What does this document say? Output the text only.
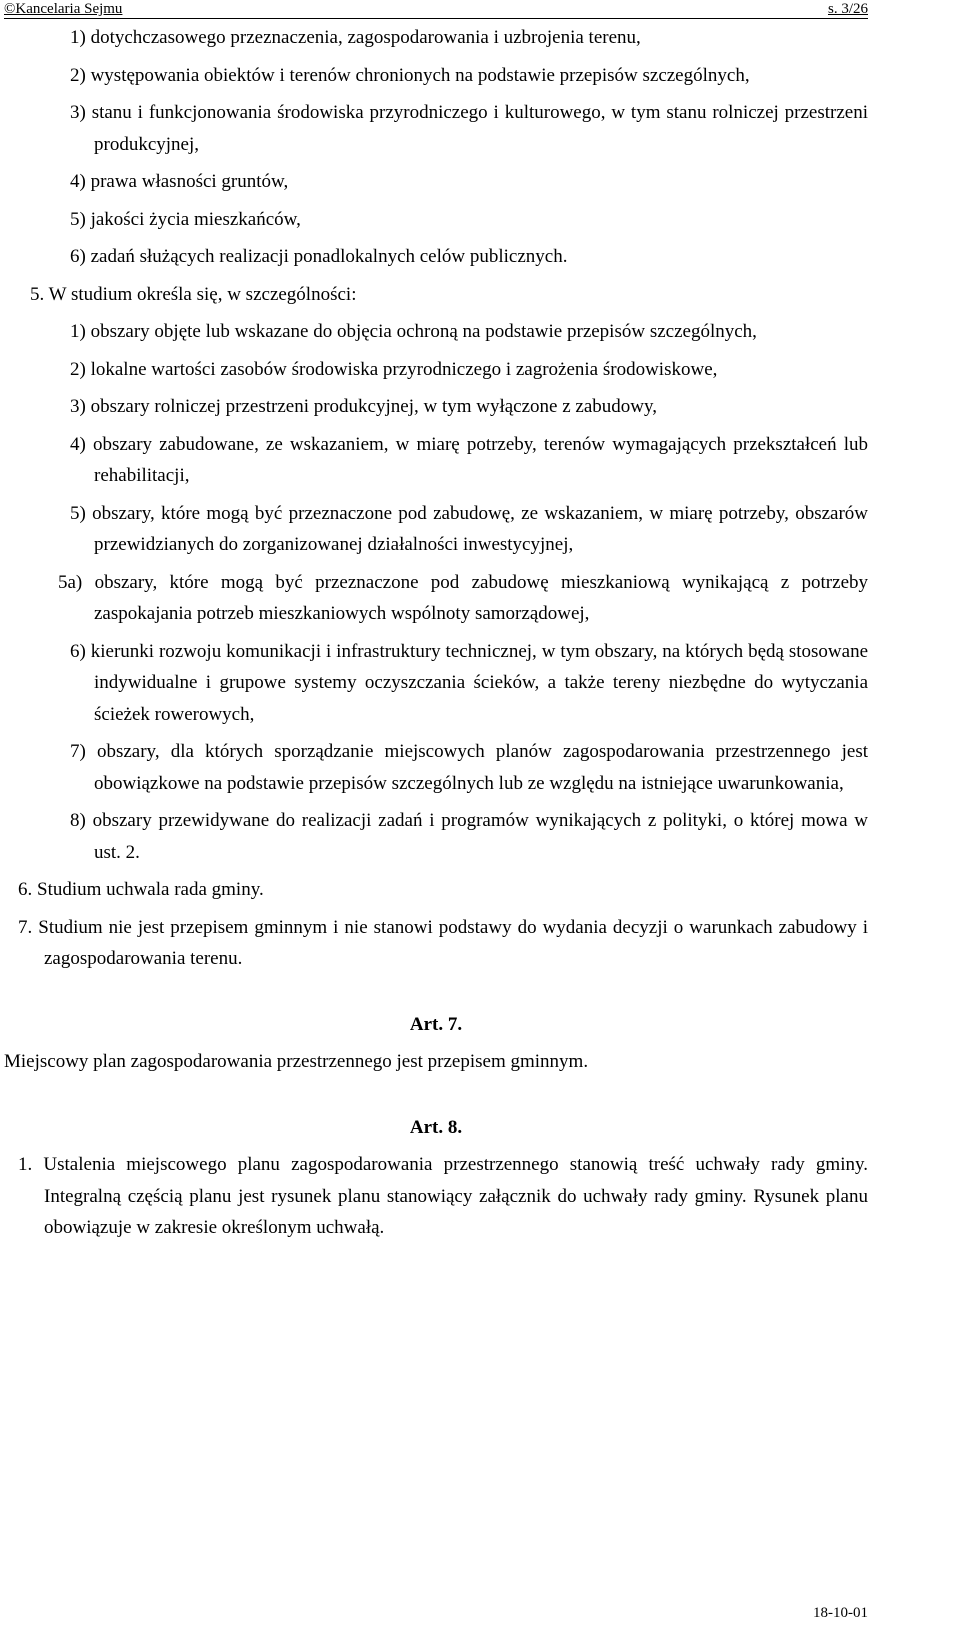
©Kancelaria Sejmu	s. 3/26
1) dotychczasowego przeznaczenia, zagospodarowania i uzbrojenia terenu,
2) występowania obiektów i terenów chronionych na podstawie przepisów szczególnych,
3) stanu i funkcjonowania środowiska przyrodniczego i kulturowego, w tym stanu rolniczej przestrzeni produkcyjnej,
4) prawa własności gruntów,
5) jakości życia mieszkańców,
6) zadań służących realizacji ponadlokalnych celów publicznych.
5. W studium określa się, w szczególności:
1) obszary objęte lub wskazane do objęcia ochroną na podstawie przepisów szczególnych,
2) lokalne wartości zasobów środowiska przyrodniczego i zagrożenia środowiskowe,
3) obszary rolniczej przestrzeni produkcyjnej, w tym wyłączone z zabudowy,
4) obszary zabudowane, ze wskazaniem, w miarę potrzeby, terenów wymagających przekształceń lub rehabilitacji,
5) obszary, które mogą być przeznaczone pod zabudowę, ze wskazaniem, w miarę potrzeby, obszarów przewidzianych do zorganizowanej działalności inwestycyjnej,
5a) obszary, które mogą być przeznaczone pod zabudowę mieszkaniową wynikającą z potrzeby zaspokajania potrzeb mieszkaniowych wspólnoty samorządowej,
6) kierunki rozwoju komunikacji i infrastruktury technicznej, w tym obszary, na których będą stosowane indywidualne i grupowe systemy oczyszczania ścieków, a także tereny niezbędne do wytyczania ścieżek rowerowych,
7) obszary, dla których sporządzanie miejscowych planów zagospodarowania przestrzennego jest obowiązkowe na podstawie przepisów szczególnych lub ze względu na istniejące uwarunkowania,
8) obszary przewidywane do realizacji zadań i programów wynikających z polityki, o której mowa w ust. 2.
6. Studium uchwala rada gminy.
7. Studium nie jest przepisem gminnym i nie stanowi podstawy do wydania decyzji o warunkach zabudowy i zagospodarowania terenu.
Art. 7.
Miejscowy plan zagospodarowania przestrzennego jest przepisem gminnym.
Art. 8.
1. Ustalenia miejscowego planu zagospodarowania przestrzennego stanowią treść uchwały rady gminy. Integralną częścią planu jest rysunek planu stanowiący załącznik do uchwały rady gminy. Rysunek planu obowiązuje w zakresie określonym uchwałą.
18-10-01
